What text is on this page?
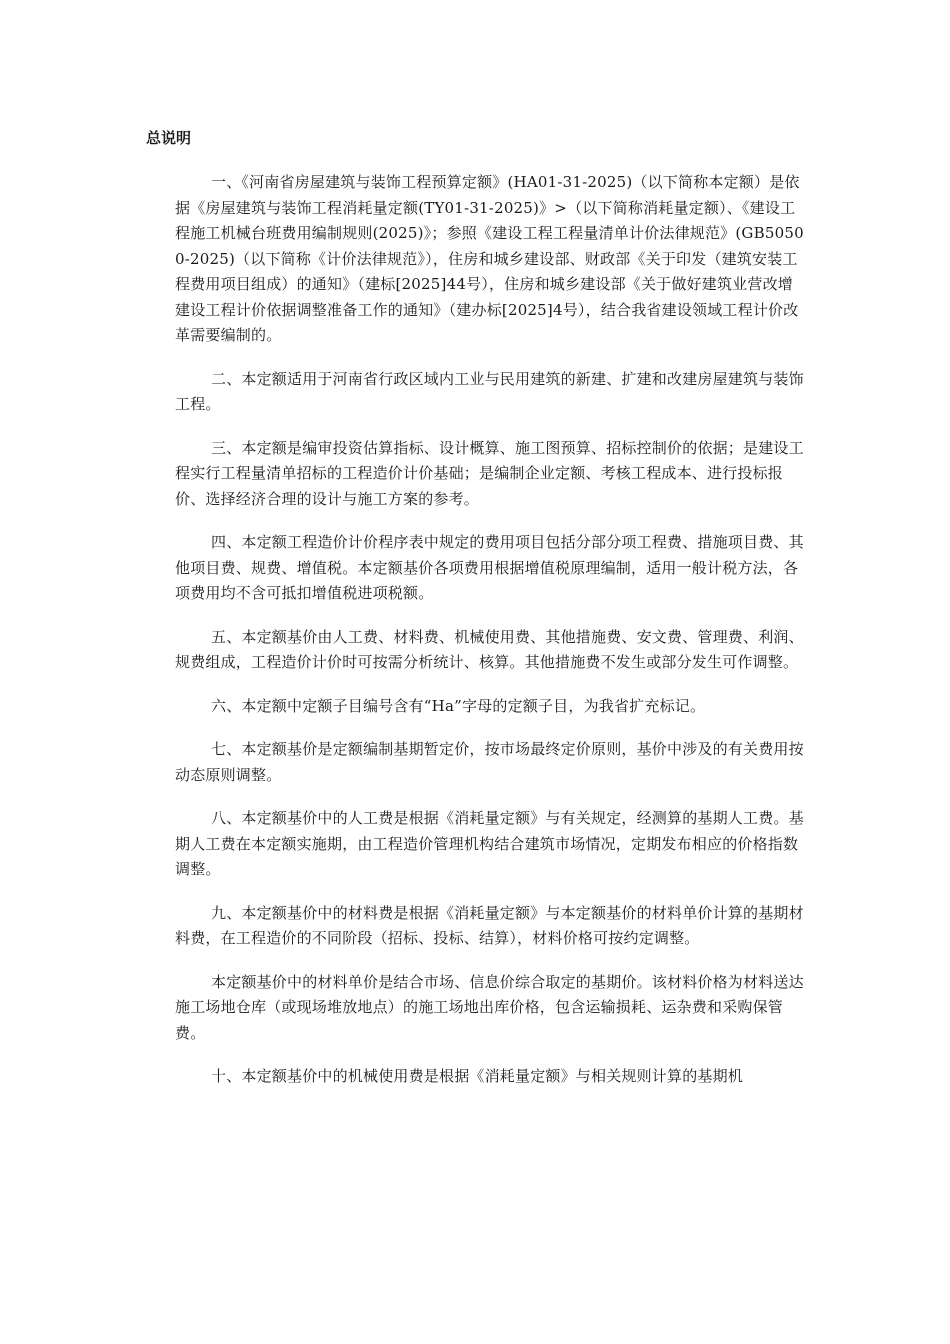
总说明

一、《河南省房屋建筑与装饰工程预算定额》(HA01-31-2025)（以下简称本定额）是依据《房屋建筑与装饰工程消耗量定额(TY01-31-2025)》>（以下简称消耗量定额）、《建设工程施工机械台班费用编制规则(2025)》；参照《建设工程工程量清单计价法律规范》(GB50500-2025)（以下简称《计价法律规范》），住房和城乡建设部、财政部《关于印发（建筑安装工程费用项目组成）的通知》（建标[2025]44号），住房和城乡建设部《关于做好建筑业营改增建设工程计价依据调整准备工作的通知》（建办标[2025]4号），结合我省建设领域工程计价改革需要编制的。

二、本定额适用于河南省行政区域内工业与民用建筑的新建、扩建和改建房屋建筑与装饰工程。

三、本定额是编审投资估算指标、设计概算、施工图预算、招标控制价的依据；是建设工程实行工程量清单招标的工程造价计价基础；是编制企业定额、考核工程成本、进行投标报价、选择经济合理的设计与施工方案的参考。

四、本定额工程造价计价程序表中规定的费用项目包括分部分项工程费、措施项目费、其他项目费、规费、增值税。本定额基价各项费用根据增值税原理编制，适用一般计税方法，各项费用均不含可抵扣增值税进项税额。

五、本定额基价由人工费、材料费、机械使用费、其他措施费、安文费、管理费、利润、规费组成，工程造价计价时可按需分析统计、核算。其他措施费不发生或部分发生可作调整。

六、本定额中定额子目编号含有“Ha”字母的定额子目，为我省扩充标记。

七、本定额基价是定额编制基期暂定价，按市场最终定价原则，基价中涉及的有关费用按动态原则调整。

八、本定额基价中的人工费是根据《消耗量定额》与有关规定，经测算的基期人工费。基期人工费在本定额实施期，由工程造价管理机构结合建筑市场情况，定期发布相应的价格指数调整。

九、本定额基价中的材料费是根据《消耗量定额》与本定额基价的材料单价计算的基期材料费，在工程造价的不同阶段（招标、投标、结算），材料价格可按约定调整。

本定额基价中的材料单价是结合市场、信息价综合取定的基期价。该材料价格为材料送达施工场地仓库（或现场堆放地点）的施工场地出库价格，包含运输损耗、运杂费和采购保管费。

十、本定额基价中的机械使用费是根据《消耗量定额》与相关规则计算的基期机
